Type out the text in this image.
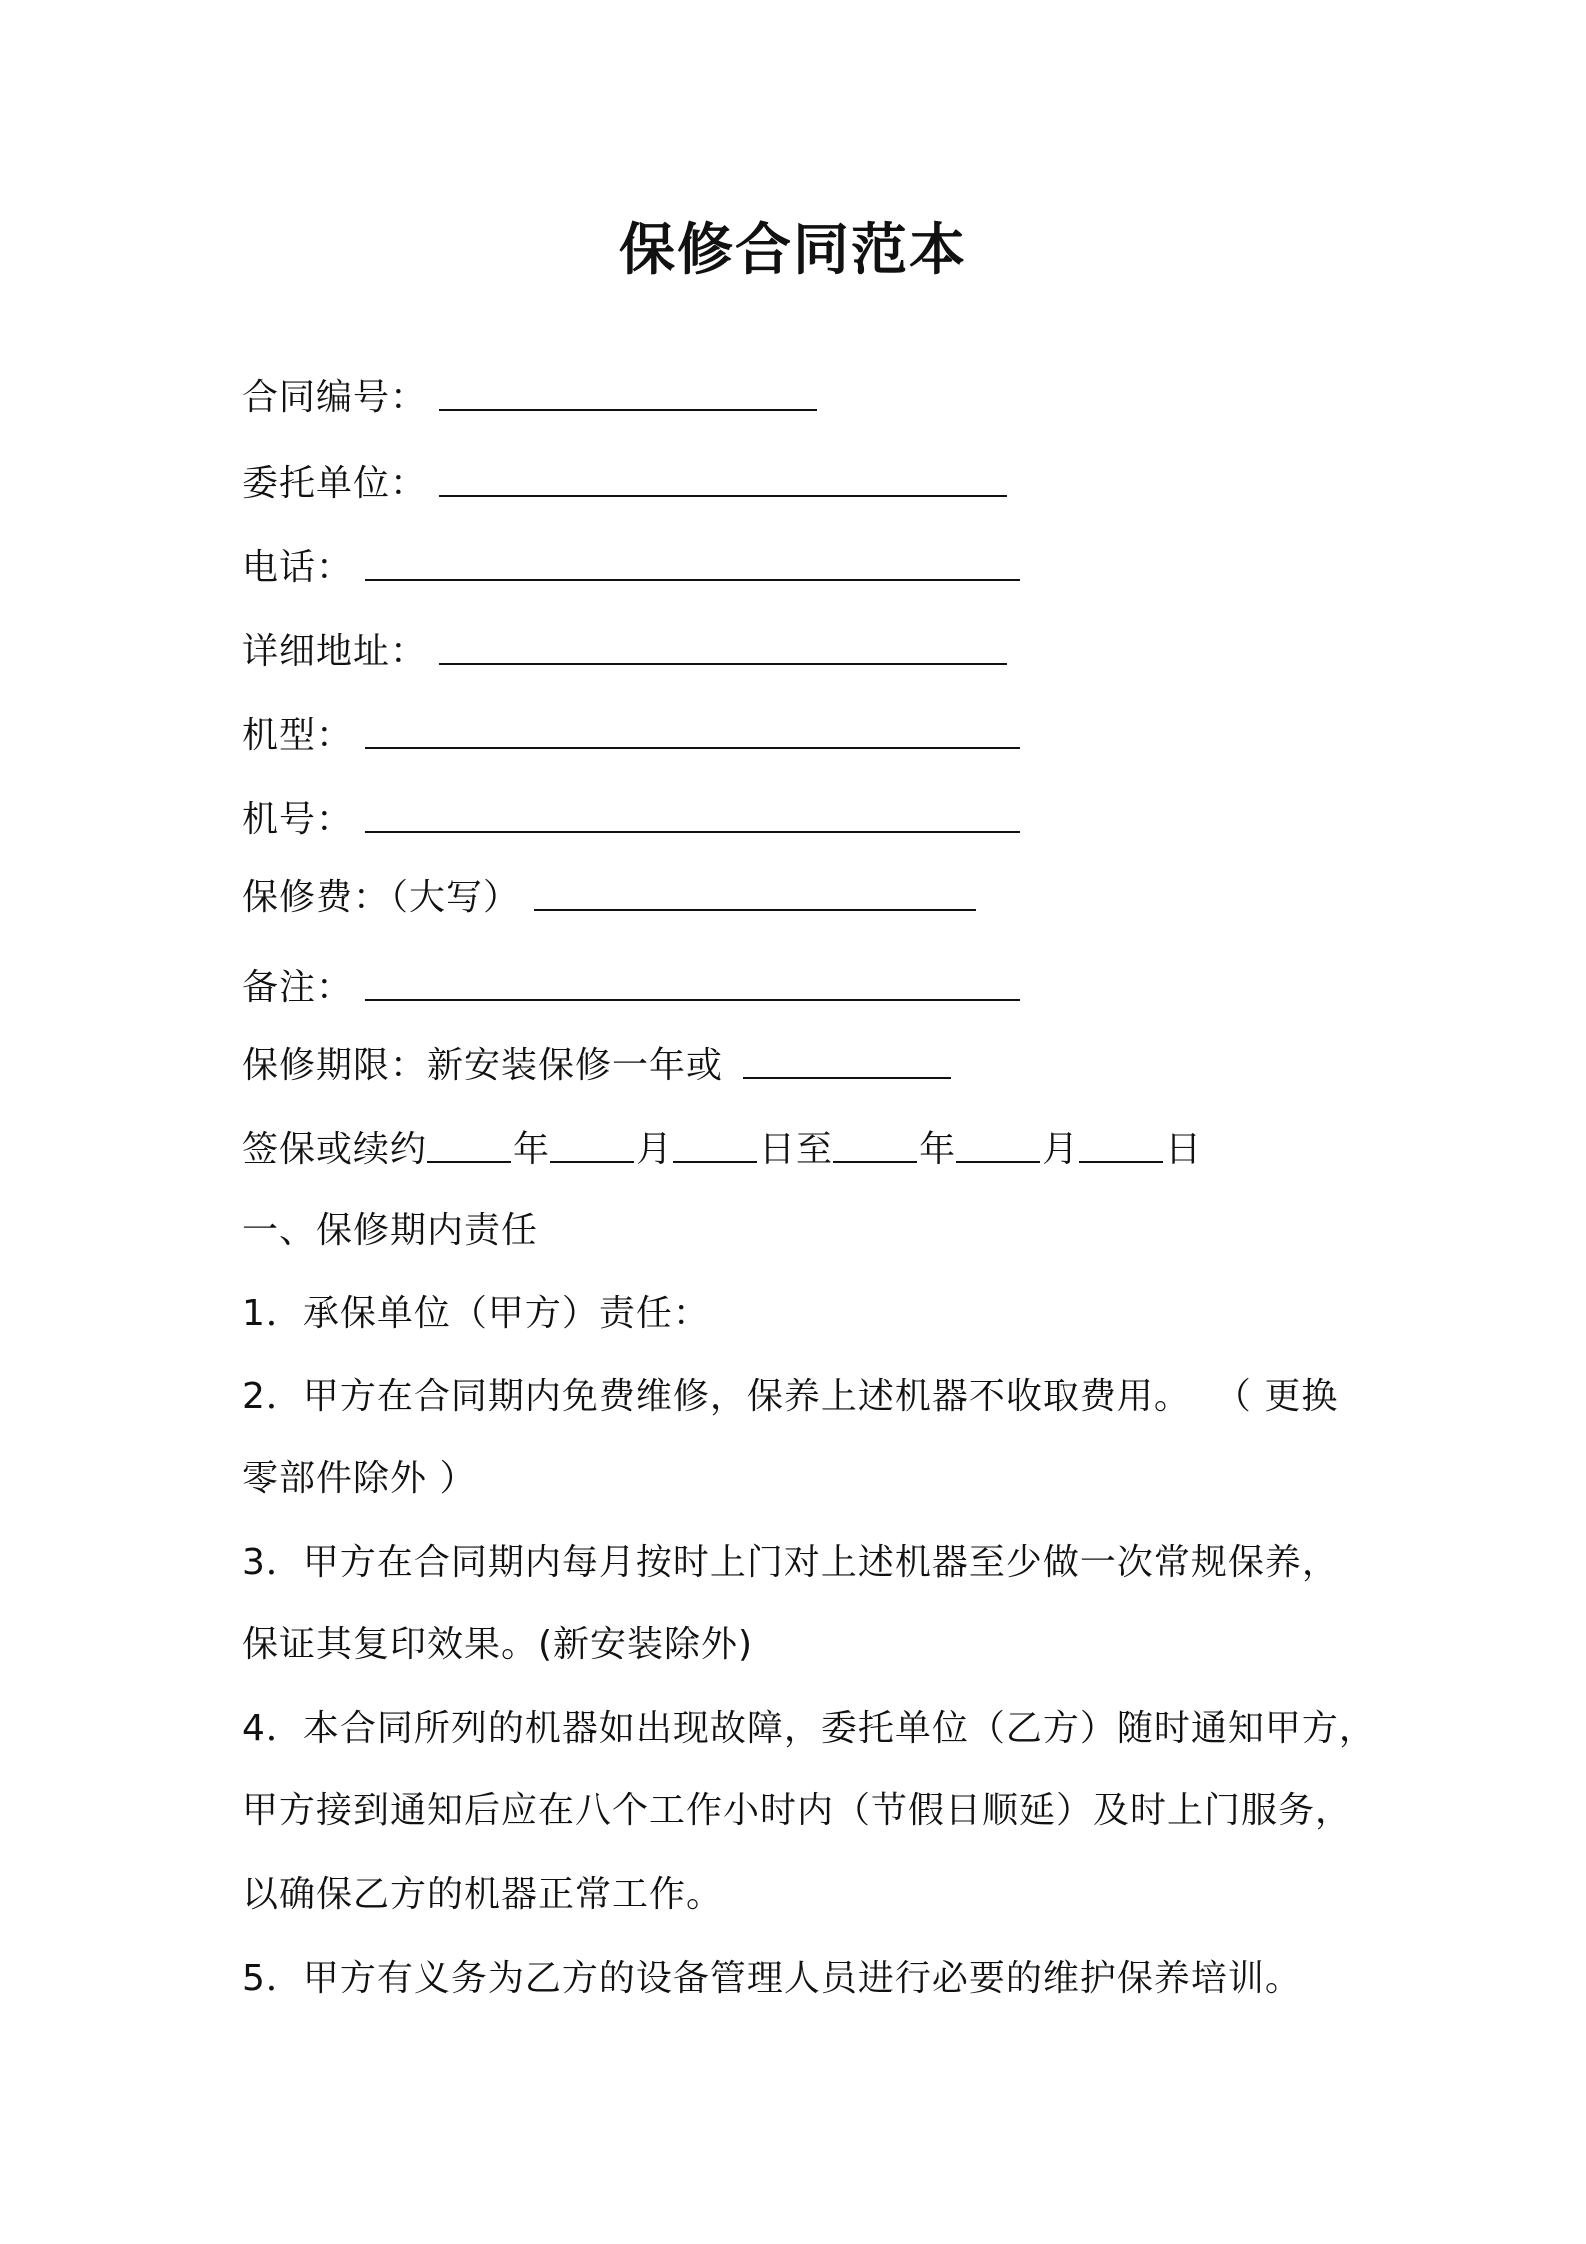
保修合同范本
合同编号：
委托单位：
电话：
详细地址：
机型：
机号：
保修费：（大写）
备注：
保修期限：新安装保修一年或
签保或续约 年 月 日至 年 月 日
一、保修期内责任
1．承保单位（甲方）责任：
2．甲方在合同期内免费维修，保养上述机器不收取费用。 （ 更换
零部件除外 ）
3．甲方在合同期内每月按时上门对上述机器至少做一次常规保养，
保证其复印效果。(新安装除外)
4．本合同所列的机器如出现故障，委托单位（乙方）随时通知甲方，
甲方接到通知后应在八个工作小时内（节假日顺延）及时上门服务，
以确保乙方的机器正常工作。
5．甲方有义务为乙方的设备管理人员进行必要的维护保养培训。
